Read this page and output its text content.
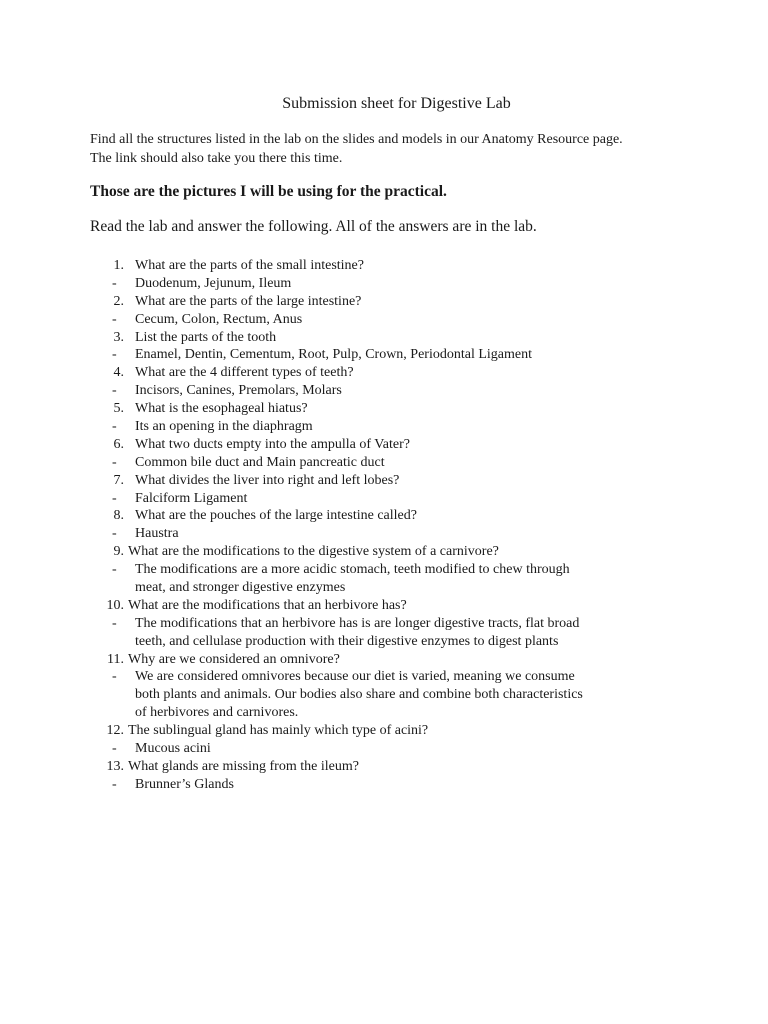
Submission sheet for Digestive Lab
Find all the structures listed in the lab on the slides and models in our Anatomy Resource page.
The link should also take you there this time.
Those are the pictures I will be using for the practical.
Read the lab and answer the following. All of the answers are in the lab.
1. What are the parts of the small intestine?
- Duodenum, Jejunum, Ileum
2. What are the parts of the large intestine?
- Cecum, Colon, Rectum, Anus
3. List the parts of the tooth
- Enamel, Dentin, Cementum, Root, Pulp, Crown, Periodontal Ligament
4. What are the 4 different types of teeth?
- Incisors, Canines, Premolars, Molars
5. What is the esophageal hiatus?
- Its an opening in the diaphragm
6. What two ducts empty into the ampulla of Vater?
- Common bile duct and Main pancreatic duct
7. What divides the liver into right and left lobes?
- Falciform Ligament
8. What are the pouches of the large intestine called?
- Haustra
9. What are the modifications to the digestive system of a carnivore?
- The modifications are a more acidic stomach, teeth modified to chew through
meat, and stronger digestive enzymes
10. What are the modifications that an herbivore has?
- The modifications that an herbivore has is are longer digestive tracts, flat broad
teeth, and cellulase production with their digestive enzymes to digest plants
11. Why are we considered an omnivore?
- We are considered omnivores because our diet is varied, meaning we consume
both plants and animals. Our bodies also share and combine both characteristics
of herbivores and carnivores.
12. The sublingual gland has mainly which type of acini?
- Mucous acini
13. What glands are missing from the ileum?
- Brunner’s Glands
